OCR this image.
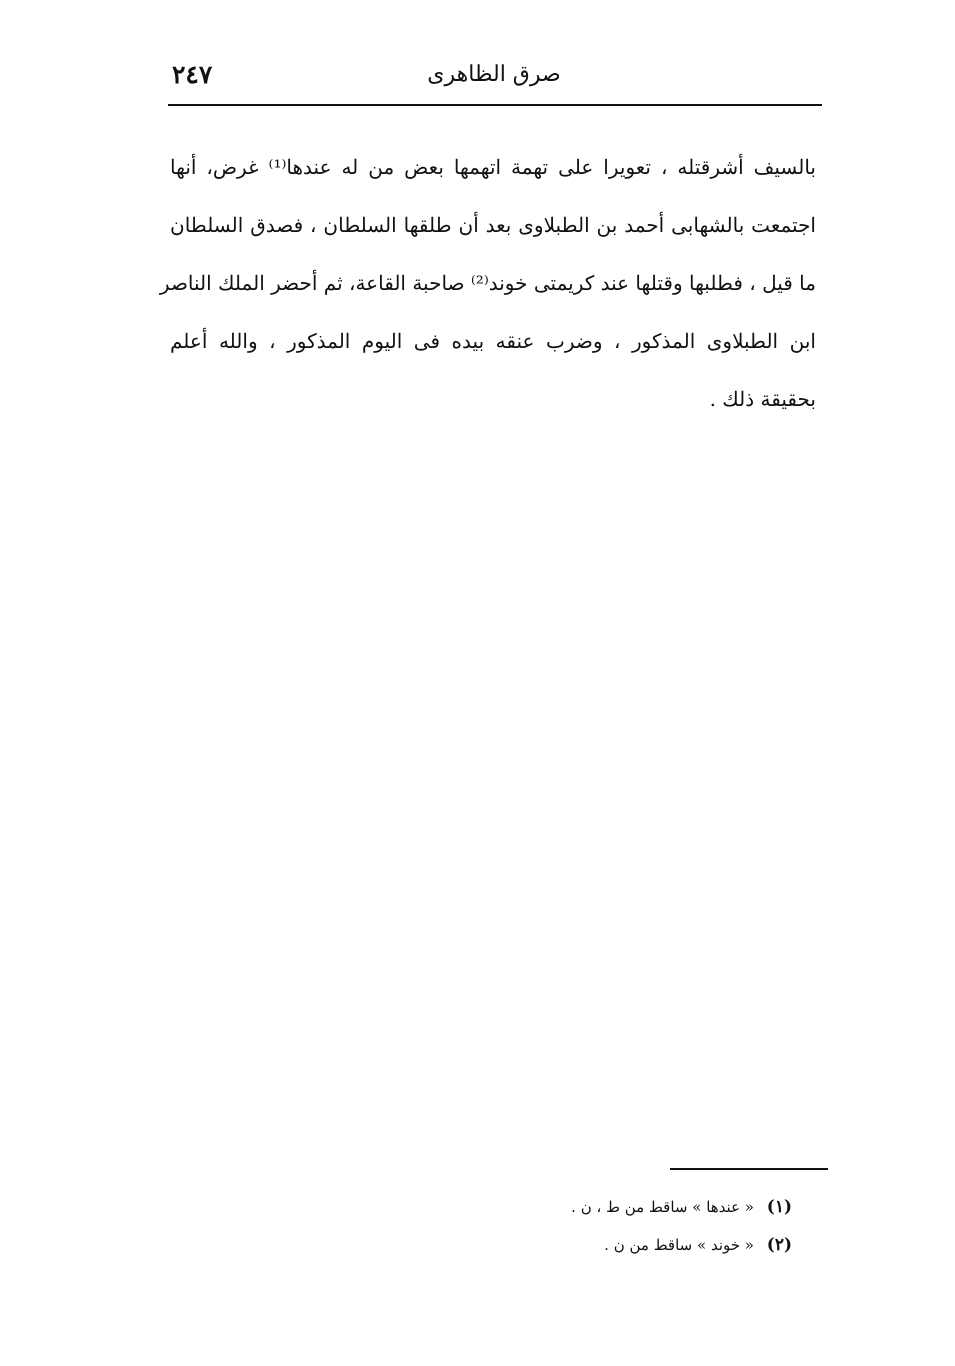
٢٤٧	صرق الظاهرى
بالسيف أشرقتله ، تعويرا على تهمة اتهمها بعض من له عندها⁽¹⁾ غرض، أنها
اجتمعت بالشهابى أحمد بن الطبلاوى بعد أن طلقها السلطان ، فصدق السلطان
ما قيل ، فطلبها وقتلها عند كريمتى خوند⁽²⁾ صاحبة القاعة، ثم أحضر الملك الناصر
ابن الطبلاوى المذكور ، وضرب عنقه بيده فى اليوم المذكور ، والله أعلم
بحقيقة ذلك .
(١) « عندها » ساقط من ط ، ن .
(٢) « خوند » ساقط من ن .
